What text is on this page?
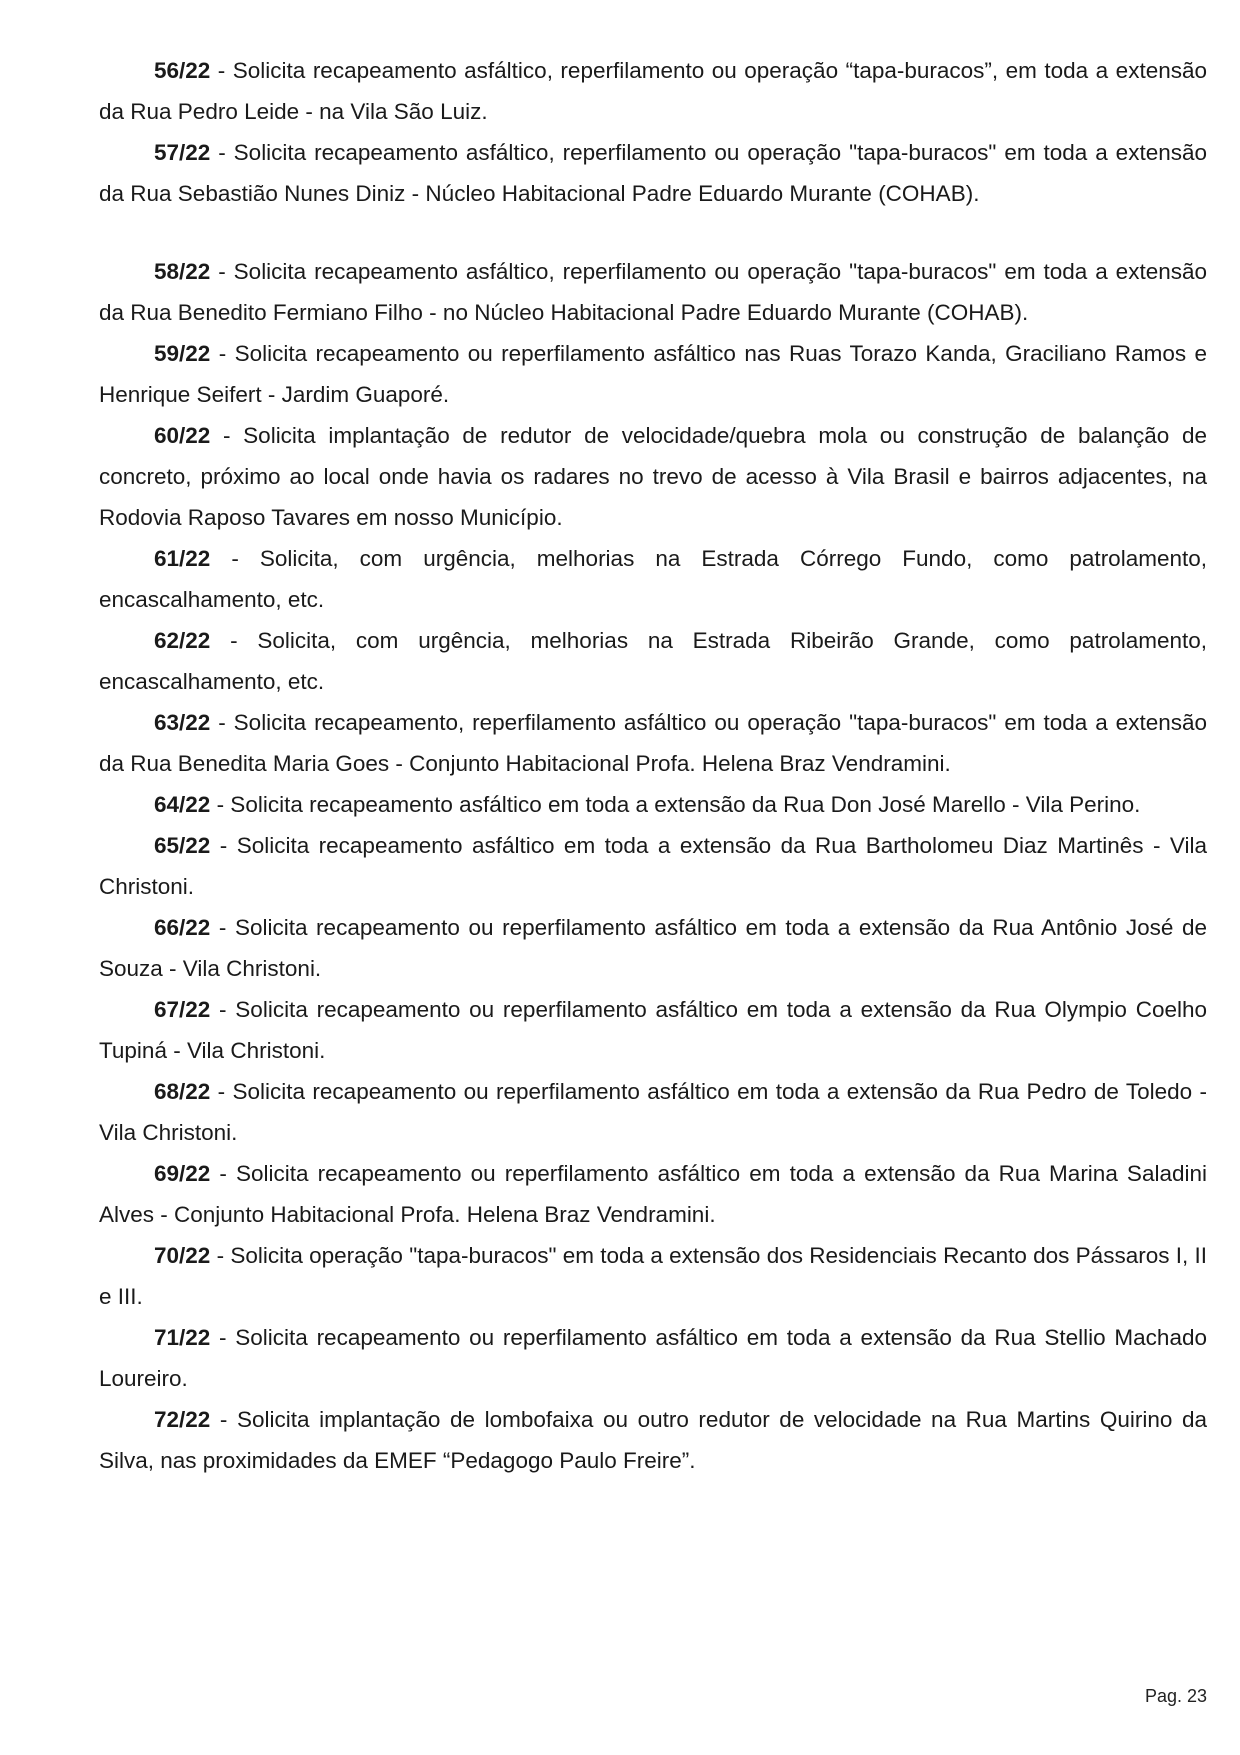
56/22 - Solicita recapeamento asfáltico, reperfilamento ou operação “tapa-buracos”, em toda a extensão da Rua Pedro Leide - na Vila São Luiz.

57/22 - Solicita recapeamento asfáltico, reperfilamento ou operação "tapa-buracos" em toda a extensão da Rua Sebastião Nunes Diniz - Núcleo Habitacional Padre Eduardo Murante (COHAB).

58/22 - Solicita recapeamento asfáltico, reperfilamento ou operação "tapa-buracos" em toda a extensão da Rua Benedito Fermiano Filho - no Núcleo Habitacional Padre Eduardo Murante (COHAB).

59/22 - Solicita recapeamento ou reperfilamento asfáltico nas Ruas Torazo Kanda, Graciliano Ramos e Henrique Seifert - Jardim Guaporé.

60/22 - Solicita implantação de redutor de velocidade/quebra mola ou construção de balanção de concreto, próximo ao local onde havia os radares no trevo de acesso à Vila Brasil e bairros adjacentes, na Rodovia Raposo Tavares em nosso Município.

61/22 - Solicita, com urgência, melhorias na Estrada Córrego Fundo, como patrolamento, encascalhamento, etc.

62/22 - Solicita, com urgência, melhorias na Estrada Ribeirão Grande, como patrolamento, encascalhamento, etc.

63/22 - Solicita recapeamento, reperfilamento asfáltico ou operação "tapa-buracos" em toda a extensão da Rua Benedita Maria Goes - Conjunto Habitacional Profa. Helena Braz Vendramini.

64/22 - Solicita recapeamento asfáltico em toda a extensão da Rua Don José Marello - Vila Perino.

65/22 - Solicita recapeamento asfáltico em toda a extensão da Rua Bartholomeu Diaz Martinês - Vila Christoni.

66/22 - Solicita recapeamento ou reperfilamento asfáltico em toda a extensão da Rua Antônio José de Souza - Vila Christoni.

67/22 - Solicita recapeamento ou reperfilamento asfáltico em toda a extensão da Rua Olympio Coelho Tupiná - Vila Christoni.

68/22 - Solicita recapeamento ou reperfilamento asfáltico em toda a extensão da Rua Pedro de Toledo - Vila Christoni.

69/22 - Solicita recapeamento ou reperfilamento asfáltico em toda a extensão da Rua Marina Saladini Alves - Conjunto Habitacional Profa. Helena Braz Vendramini.

70/22 - Solicita operação "tapa-buracos" em toda a extensão dos Residenciais Recanto dos Pássaros I, II e III.

71/22 - Solicita recapeamento ou reperfilamento asfáltico em toda a extensão da Rua Stellio Machado Loureiro.

72/22 - Solicita implantação de lombofaixa ou outro redutor de velocidade na Rua Martins Quirino da Silva, nas proximidades da EMEF “Pedagogo Paulo Freire”.

Pag. 23
